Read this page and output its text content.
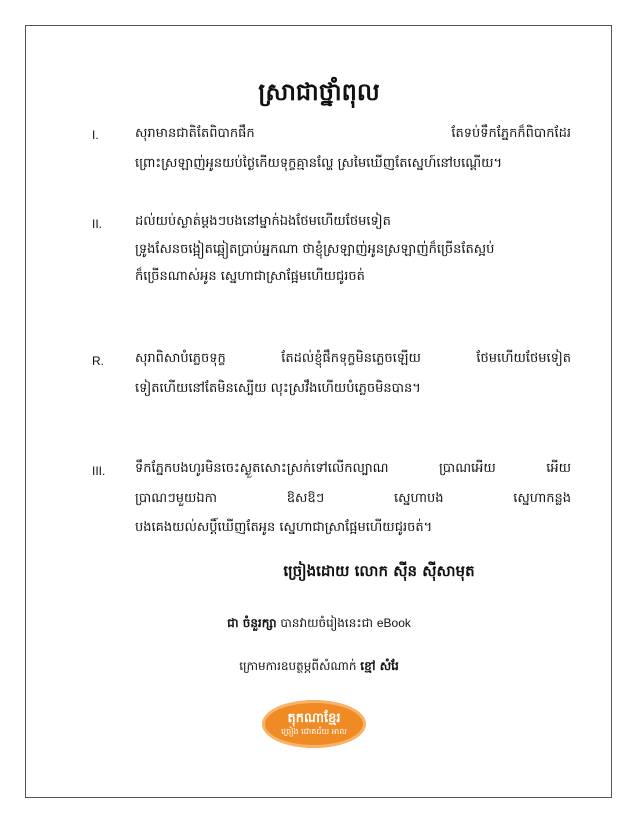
ស្រាជាថ្នាំពុល
I.	សុរាមានជាតិតែពិបាកផឹក	តែទប់ទឹកភ្នែកក៏ពិបាកដែរ
ព្រោះស្រឡាញ់អូនយប់ថ្ងៃកើយទុក្ខគ្មានល្ហែ ស្រមៃឃើញតែស្នេហ៍នៅបណ្ដើយ។
II.	ដល់យប់ស្ងាត់ម្តងៗបងនៅម្នាក់ឯងថែមហើយថែមទៀត
ទ្រូងសែនចង្អៀតឆ្អៀតប្រាប់អ្នកណា ថាខ្ញុំស្រឡាញ់អូនស្រឡាញ់ក៏ច្រើនតែស្អប់
ក៏ច្រើនណាស់អូន ស្នេហាជាស្រាផ្អែមហើយជូរចត់
R. សុរាពិសាបំភ្លេចទុក្ខ	តែដល់ខ្ញុំផឹកទុក្ខមិនភ្លេចឡើយ	ថែមហើយថែមទៀត
ទៀតហើយនៅតែមិនស្បើយ លុះស្រវឹងហើយបំភ្លេចមិនបាន។
III. ទឹកភ្នែកបងហូរមិនចេះស្ងួតសោះស្រក់ទៅលើកល្បាណ	ប្រាណអើយ	អើយ
ប្រាណៗមួយឯកា	ឱសឱៗ	ស្នេហាបង	ស្នេហាកន្លង
បងគេងយល់សប្តិ៍ឃើញតែអូន ស្នេហាជាស្រាផ្អែមហើយជូរចត់។
ច្រៀងដោយ លោក ស៊ីន ស៊ីសាមុត
ជា ចំនួរក្សា បានវាយចំរៀងនេះជា eBook
ក្រោមការឧបត្ថម្ភពីសំណាក់ ខ្មៅ សំរែ
តុកណាខ្មែរ
ច្រៀង ជោគជ័យ អាល
